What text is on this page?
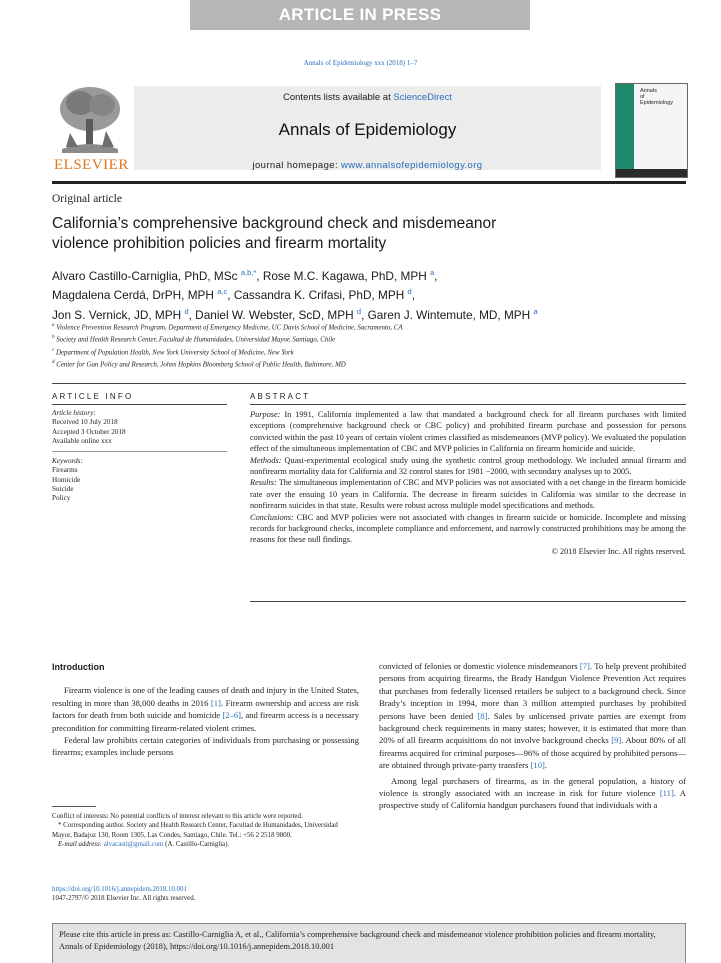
ARTICLE IN PRESS
Annals of Epidemiology xxx (2018) 1–7
ELSEVIER
Contents lists available at ScienceDirect
Annals of Epidemiology
journal homepage: www.annalsofepidemiology.org
Annals
of
Epidemiology
Original article
California’s comprehensive background check and misdemeanor
violence prohibition policies and firearm mortality
Alvaro Castillo-Carniglia, PhD, MSc $^{a,b,*}$, Rose M.C. Kagawa, PhD, MPH $^a$,
Magdalena Cerdá, DrPH, MPH $^{a,c}$, Cassandra K. Crifasi, PhD, MPH $^d$,
Jon S. Vernick, JD, MPH $^d$, Daniel W. Webster, ScD, MPH $^d$, Garen J. Wintemute, MD, MPH $^a$
$^a$ Violence Prevention Research Program, Department of Emergency Medicine, UC Davis School of Medicine, Sacramento, CA
$^b$ Society and Health Research Center, Facultad de Humanidades, Universidad Mayor, Santiago, Chile
$^c$ Department of Population Health, New York University School of Medicine, New York
$^d$ Center for Gun Policy and Research, Johns Hopkins Bloomberg School of Public Health, Baltimore, MD
ARTICLE INFO	ABSTRACT
Article history:
Received 10 July 2018
Accepted 3 October 2018
Available online xxx
Keywords:
Firearms
Homicide
Suicide
Policy
Purpose: In 1991, California implemented a law that mandated a background check for all firearm purchases with limited exceptions (comprehensive background check or CBC policy) and prohibited firearm purchase and possession for persons convicted within the past 10 years of certain violent crimes classified as misdemeanors (MVP policy). We evaluated the population effect of the simultaneous implementation of CBC and MVP policies in California on firearm homicide and suicide.
Methods: Quasi-experimental ecological study using the synthetic control group methodology. We included annual firearm and nonfirearm mortality data for California and 32 control states for 1981 −2000, with secondary analyses up to 2005.
Results: The simultaneous implementation of CBC and MVP policies was not associated with a net change in the firearm homicide rate over the ensuing 10 years in California. The decrease in firearm suicides in California was similar to the decrease in nonfirearm suicides in that state. Results were robust across multiple model specifications and methods.
Conclusions: CBC and MVP policies were not associated with changes in firearm suicide or homicide. Incomplete and missing records for background checks, incomplete compliance and enforcement, and narrowly constructed prohibitions may be among the reasons for these null findings.
© 2018 Elsevier Inc. All rights reserved.
Introduction

Firearm violence is one of the leading causes of death and injury in the United States, resulting in more than 38,000 deaths in 2016 [1]. Firearm ownership and access are risk factors for death from both suicide and homicide [2–6], and firearm access is a necessary precondition for committing firearm-related violent crimes.

Federal law prohibits certain categories of individuals from purchasing or possessing firearms; examples include persons

convicted of felonies or domestic violence misdemeanors [7]. To help prevent prohibited persons from acquiring firearms, the Brady Handgun Violence Prevention Act requires that purchases from federally licensed retailers be subject to a background check. Since Brady’s inception in 1994, more than 3 million attempted purchases by prohibited persons have been denied [8]. Sales by unlicensed private parties are exempt from background check requirements in many states; however, it is estimated that more than 20% of all firearm acquisitions do not involve background checks [9]. About 80% of all firearms acquired for criminal purposes—96% of those acquired by prohibited persons—are obtained through private-party transfers [10].

Among legal purchasers of firearms, as in the general population, a history of violence is strongly associated with an increase in risk for future violence [11]. A prospective study of California handgun purchasers found that individuals with a

Conflict of interests: No potential conflicts of interest relevant to this article were reported.
* Corresponding author. Society and Health Research Center, Facultad de Humanidades, Universidad Mayor, Badajoz 130, Room 1305, Las Condes, Santiago, Chile. Tel.: +56 2 2518 9800.
E-mail address: alvacasti@gmail.com (A. Castillo-Carniglia).
https://doi.org/10.1016/j.annepidem.2018.10.001
1047-2797/© 2018 Elsevier Inc. All rights reserved.
Please cite this article in press as: Castillo-Carniglia A, et al., California’s comprehensive background check and misdemeanor violence prohibition policies and firearm mortality, Annals of Epidemiology (2018), https://doi.org/10.1016/j.annepidem.2018.10.001
